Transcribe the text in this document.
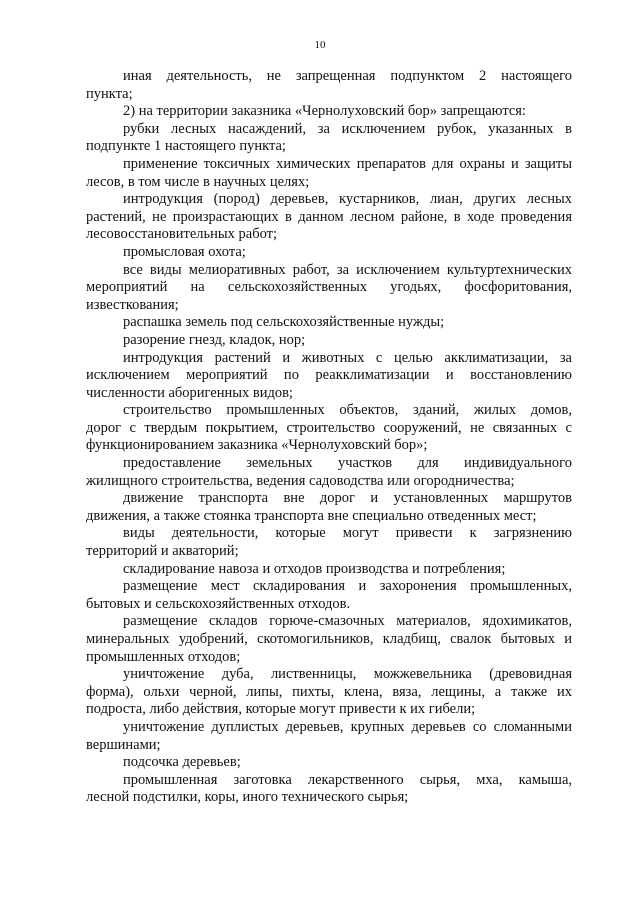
10
иная деятельность, не запрещенная подпунктом 2 настоящего
пункта;
2) на территории заказника «Чернолуховский бор» запрещаются:
рубки лесных насаждений, за исключением рубок, указанных в
подпункте 1 настоящего пункта;
применение токсичных химических препаратов для охраны и защиты
лесов, в том числе в научных целях;
интродукция (пород) деревьев, кустарников, лиан, других лесных
растений, не произрастающих в данном лесном районе, в ходе проведения
лесовосстановительных работ;
промысловая охота;
все виды мелиоративных работ, за исключением культуртехнических
мероприятий на сельскохозяйственных угодьях, фосфоритования,
известкования;
распашка земель под сельскохозяйственные нужды;
разорение гнезд, кладок, нор;
интродукция растений и животных с целью акклиматизации, за
исключением мероприятий по реакклиматизации и восстановлению
численности аборигенных видов;
строительство промышленных объектов, зданий, жилых домов,
дорог с твердым покрытием, строительство сооружений, не связанных с
функционированием заказника «Чернолуховский бор»;
предоставление земельных участков для индивидуального
жилищного строительства, ведения садоводства или огородничества;
движение транспорта вне дорог и установленных маршрутов
движения, а также стоянка транспорта вне специально отведенных мест;
виды деятельности, которые могут привести к загрязнению
территорий и акваторий;
складирование навоза и отходов производства и потребления;
размещение мест складирования и захоронения промышленных,
бытовых и сельскохозяйственных отходов.
размещение складов горюче-смазочных материалов, ядохимикатов,
минеральных удобрений, скотомогильников, кладбищ, свалок бытовых и
промышленных отходов;
уничтожение дуба, лиственницы, можжевельника (древовидная
форма), ольхи черной, липы, пихты, клена, вяза, лещины, а также их
подроста, либо действия, которые могут привести к их гибели;
уничтожение дуплистых деревьев, крупных деревьев со сломанными
вершинами;
подсочка деревьев;
промышленная заготовка лекарственного сырья, мха, камыша,
лесной подстилки, коры, иного технического сырья;
